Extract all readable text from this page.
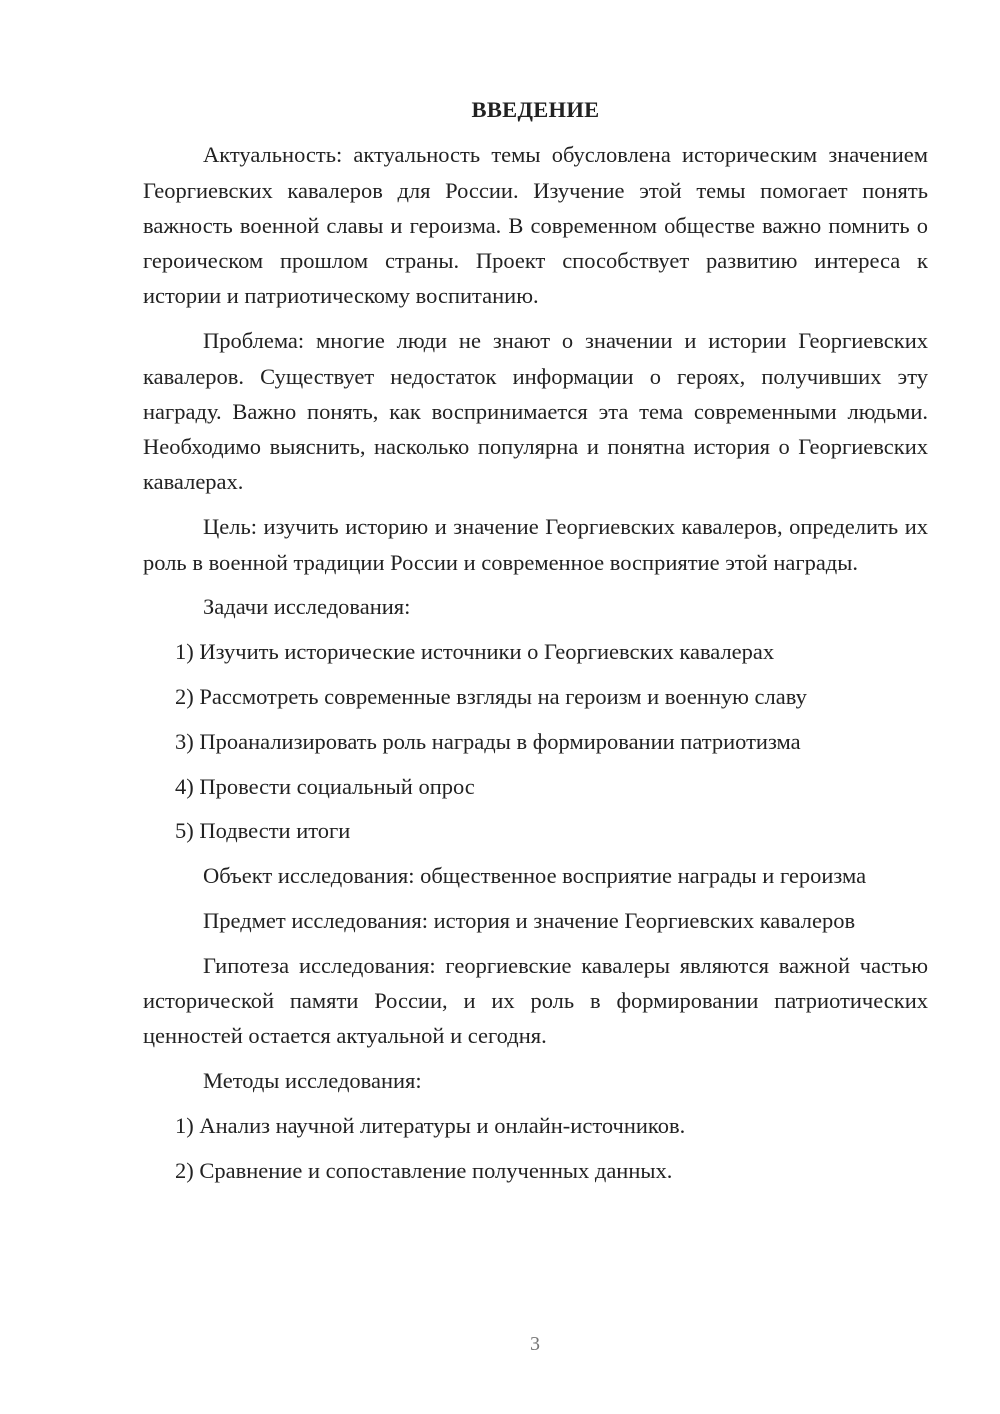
ВВЕДЕНИЕ
Актуальность: актуальность темы обусловлена историческим значением Георгиевских кавалеров для России. Изучение этой темы помогает понять важность военной славы и героизма. В современном обществе важно помнить о героическом прошлом страны. Проект способствует развитию интереса к истории и патриотическому воспитанию.
Проблема: многие люди не знают о значении и истории Георгиевских кавалеров. Существует недостаток информации о героях, получивших эту награду. Важно понять, как воспринимается эта тема современными людьми. Необходимо выяснить, насколько популярна и понятна история о Георгиевских кавалерах.
Цель: изучить историю и значение Георгиевских кавалеров, определить их роль в военной традиции России и современное восприятие этой награды.
Задачи исследования:
1) Изучить исторические источники о Георгиевских кавалерах
2) Рассмотреть современные взгляды на героизм и военную славу
3) Проанализировать роль награды в формировании патриотизма
4) Провести социальный опрос
5) Подвести итоги
Объект исследования: общественное восприятие награды и героизма
Предмет исследования: история и значение Георгиевских кавалеров
Гипотеза исследования: георгиевские кавалеры являются важной частью исторической памяти России, и их роль в формировании патриотических ценностей остается актуальной и сегодня.
Методы исследования:
1) Анализ научной литературы и онлайн-источников.
2) Сравнение и сопоставление полученных данных.
3
